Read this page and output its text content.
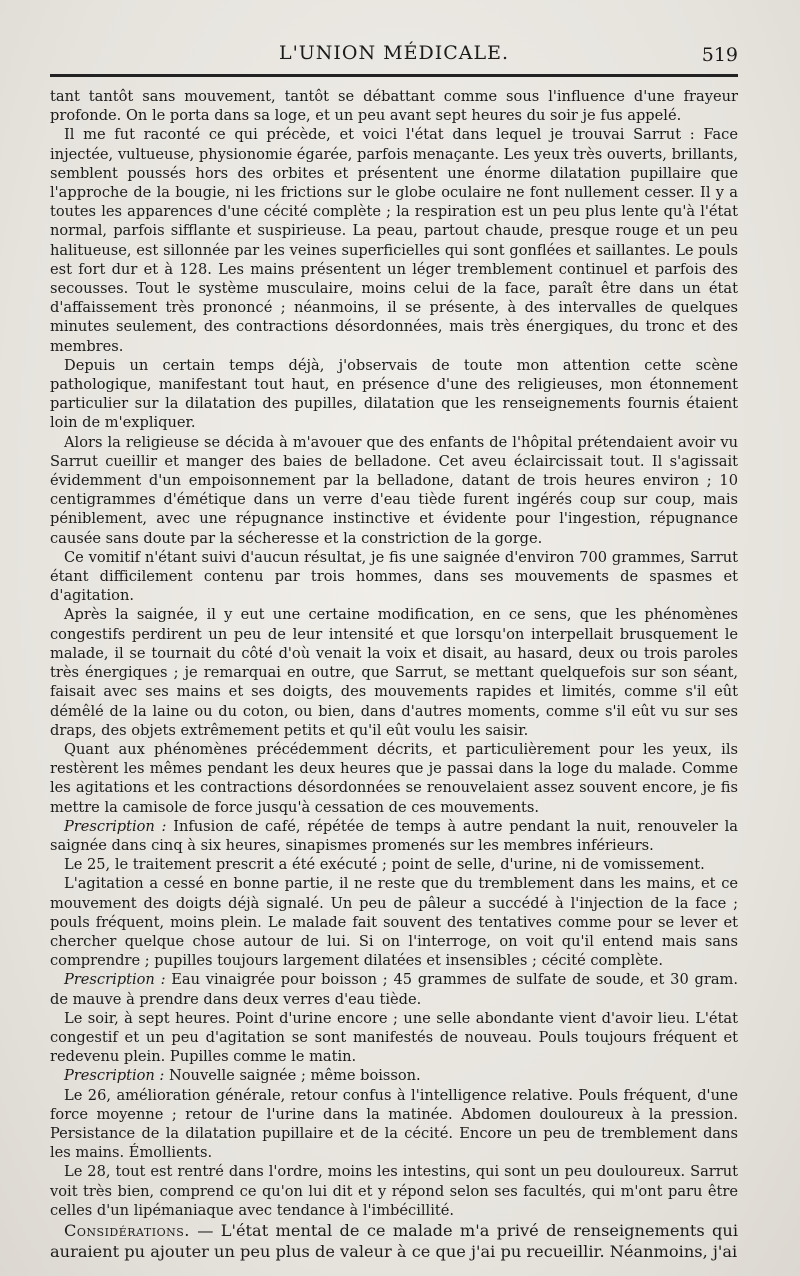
L'UNION MÉDICALE.	519

tant tantôt sans mouvement, tantôt se débattant comme sous l'influence d'une frayeur profonde. On le porta dans sa loge, et un peu avant sept heures du soir je fus appelé.

Il me fut raconté ce qui précède, et voici l'état dans lequel je trouvai Sarrut : Face injectée, vultueuse, physionomie égarée, parfois menaçante. Les yeux très ouverts, brillants, semblent poussés hors des orbites et présentent une énorme dilatation pupillaire que l'approche de la bougie, ni les frictions sur le globe oculaire ne font nullement cesser. Il y a toutes les apparences d'une cécité complète ; la respiration est un peu plus lente qu'à l'état normal, parfois sifflante et suspirieuse. La peau, partout chaude, presque rouge et un peu halitueuse, est sillonnée par les veines superficielles qui sont gonflées et saillantes. Le pouls est fort dur et à 128. Les mains présentent un léger tremblement continuel et parfois des secousses. Tout le système musculaire, moins celui de la face, paraît être dans un état d'affaissement très prononcé ; néanmoins, il se présente, à des intervalles de quelques minutes seulement, des contractions désordonnées, mais très énergiques, du tronc et des membres.

Depuis un certain temps déjà, j'observais de toute mon attention cette scène pathologique, manifestant tout haut, en présence d'une des religieuses, mon étonnement particulier sur la dilatation des pupilles, dilatation que les renseignements fournis étaient loin de m'expliquer.

Alors la religieuse se décida à m'avouer que des enfants de l'hôpital prétendaient avoir vu Sarrut cueillir et manger des baies de belladone. Cet aveu éclaircissait tout. Il s'agissait évidemment d'un empoisonnement par la belladone, datant de trois heures environ ; 10 centigrammes d'émétique dans un verre d'eau tiède furent ingérés coup sur coup, mais péniblement, avec une répugnance instinctive et évidente pour l'ingestion, répugnance causée sans doute par la sécheresse et la constriction de la gorge.

Ce vomitif n'étant suivi d'aucun résultat, je fis une saignée d'environ 700 grammes, Sarrut étant difficilement contenu par trois hommes, dans ses mouvements de spasmes et d'agitation.

Après la saignée, il y eut une certaine modification, en ce sens, que les phénomènes congestifs perdirent un peu de leur intensité et que lorsqu'on interpellait brusquement le malade, il se tournait du côté d'où venait la voix et disait, au hasard, deux ou trois paroles très énergiques ; je remarquai en outre, que Sarrut, se mettant quelquefois sur son séant, faisait avec ses mains et ses doigts, des mouvements rapides et limités, comme s'il eût démêlé de la laine ou du coton, ou bien, dans d'autres moments, comme s'il eût vu sur ses draps, des objets extrêmement petits et qu'il eût voulu les saisir.

Quant aux phénomènes précédemment décrits, et particulièrement pour les yeux, ils restèrent les mêmes pendant les deux heures que je passai dans la loge du malade. Comme les agitations et les contractions désordonnées se renouvelaient assez souvent encore, je fis mettre la camisole de force jusqu'à cessation de ces mouvements.

Prescription : Infusion de café, répétée de temps à autre pendant la nuit, renouveler la saignée dans cinq à six heures, sinapismes promenés sur les membres inférieurs.

Le 25, le traitement prescrit a été exécuté ; point de selle, d'urine, ni de vomissement.

L'agitation a cessé en bonne partie, il ne reste que du tremblement dans les mains, et ce mouvement des doigts déjà signalé. Un peu de pâleur a succédé à l'injection de la face ; pouls fréquent, moins plein. Le malade fait souvent des tentatives comme pour se lever et chercher quelque chose autour de lui. Si on l'interroge, on voit qu'il entend mais sans comprendre ; pupilles toujours largement dilatées et insensibles ; cécité complète.

Prescription : Eau vinaigrée pour boisson ; 45 grammes de sulfate de soude, et 30 gram. de mauve à prendre dans deux verres d'eau tiède.

Le soir, à sept heures. Point d'urine encore ; une selle abondante vient d'avoir lieu. L'état congestif et un peu d'agitation se sont manifestés de nouveau. Pouls toujours fréquent et redevenu plein. Pupilles comme le matin.

Prescription : Nouvelle saignée ; même boisson.

Le 26, amélioration générale, retour confus à l'intelligence relative. Pouls fréquent, d'une force moyenne ; retour de l'urine dans la matinée. Abdomen douloureux à la pression. Persistance de la dilatation pupillaire et de la cécité. Encore un peu de tremblement dans les mains. Émollients.

Le 28, tout est rentré dans l'ordre, moins les intestins, qui sont un peu douloureux. Sarrut voit très bien, comprend ce qu'on lui dit et y répond selon ses facultés, qui m'ont paru être celles d'un lipémaniaque avec tendance à l'imbécillité.

Considérations. — L'état mental de ce malade m'a privé de renseignements qui auraient pu ajouter un peu plus de valeur à ce que j'ai pu recueillir. Néanmoins, j'ai
